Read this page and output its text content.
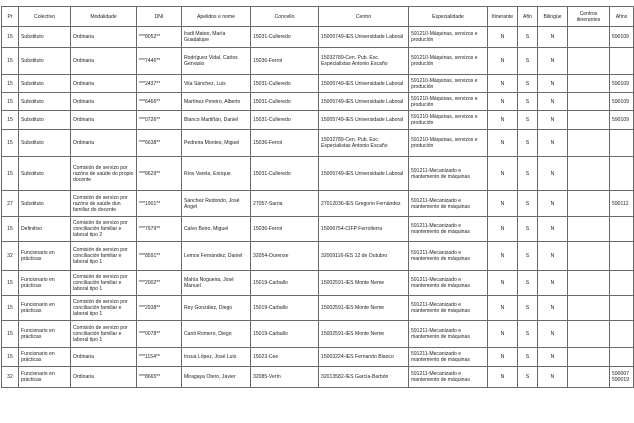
Pr	Colectivo	Modalidade	DNI	Apelidos e nome	Concello	Centro	Especialidade	Itinerante	Afín	Bilingüe	Centros itinerantes	Afíns
15	Substituto	Ordinaria	***8052**	Iradi Mateo, María Guadalupe	15031-Culleredo	15005749-IES Universidade Laboral	591210-Máquinas, servizos e produción	N	S	N		590109
15	Substituto	Ordinaria	***7446**	Rodríguez Vidal, Carlos Gervasio	15036-Ferrol	15032789-Cen. Pub. Esc. Especialistas Antonio Escaño	591210-Máquinas, servizos e produción	N	S	N		
15	Substituto	Ordinaria	***2437**	Vila Sánchez, Luis	15031-Culleredo	15005749-IES Universidade Laboral	591210-Máquinas, servizos e produción	N	S	N		590109
15	Substituto	Ordinaria	***6466**	Martínez Pereiro, Alberto	15031-Culleredo	15005749-IES Universidade Laboral	591210-Máquinas, servizos e produción	N	S	N		590109
15	Substituto	Ordinaria	***0726**	Blanco Martiñán, Daniel	15031-Culleredo	15005749-IES Universidade Laboral	591210-Máquinas, servizos e produción	N	S	N		590109
15	Substituto	Ordinaria	***6638**	Pedreira Montes, Miguel	15036-Ferrol	15032789-Cen. Pub. Esc. Especialistas Antonio Escaño	591210-Máquinas, servizos e produción	N	S	N		
15	Substituto	Comisión de servizo por razóns de saúde do propio docente	***8629**	Ríos Varela, Enrique	15031-Culleredo	15005749-IES Universidade Laboral	591211-Mecanizado e mantemento de máquinas	N	S	N		
27	Substituto	Comisión de servizo por razóns de saúde dun familiar do docente	***1901**	Sánchez Redondo, José Ángel	27057-Sarria	27012036-IES Gregorio Fernández	591211-Mecanizado e mantemento de máquinas	N	S	N		590112
15	Definitivo	Comisión de servizo por conciliación familiar e laboral tipo 2	***7979**	Calvo Beiro, Miguel	15036-Ferrol	15006754-CIFP Ferrolterra	591211-Mecanizado e mantemento de máquinas	N	S	N		
32	Funcionario en prácticas	Comisión de servizo por conciliación familiar e laboral tipo 1	***8591**	Lemos Fernández, Daniel	32054-Ourense	32009116-IES 12 de Outubro	591211-Mecanizado e mantemento de máquinas	N	S	N		
15	Funcionario en prácticas	Comisión de servizo por conciliación familiar e laboral tipo 1	***2002**	Mahía Nogueira, José Manuel	15019-Carballo	15002591-IES Monte Neme	591211-Mecanizado e mantemento de máquinas	N	S	N		
15	Funcionario en prácticas	Comisión de servizo por conciliación familiar e laboral tipo 1	***2938**	Rey González, Diego	15019-Carballo	15002591-IES Monte Neme	591211-Mecanizado e mantemento de máquinas	N	S	N		
15	Funcionario en prácticas	Comisión de servizo por conciliación familiar e laboral tipo 1	***0078**	Canti Romero, Diego	15019-Carballo	15002591-IES Monte Neme	591211-Mecanizado e mantemento de máquinas	N	S	N		
15	Funcionario en prácticas	Ordinaria	***1154**	Insua López, José Luís	15023-Cee	15003224-IES Fernando Blanco	591211-Mecanizado e mantemento de máquinas	N	S	N		
32	Funcionario en prácticas	Ordinaria	***8665**	Miragaya Otero, Javier	32085-Verín	32013582-IES García-Barbón	591211-Mecanizado e mantemento de máquinas	N	S	N		590007 590019
